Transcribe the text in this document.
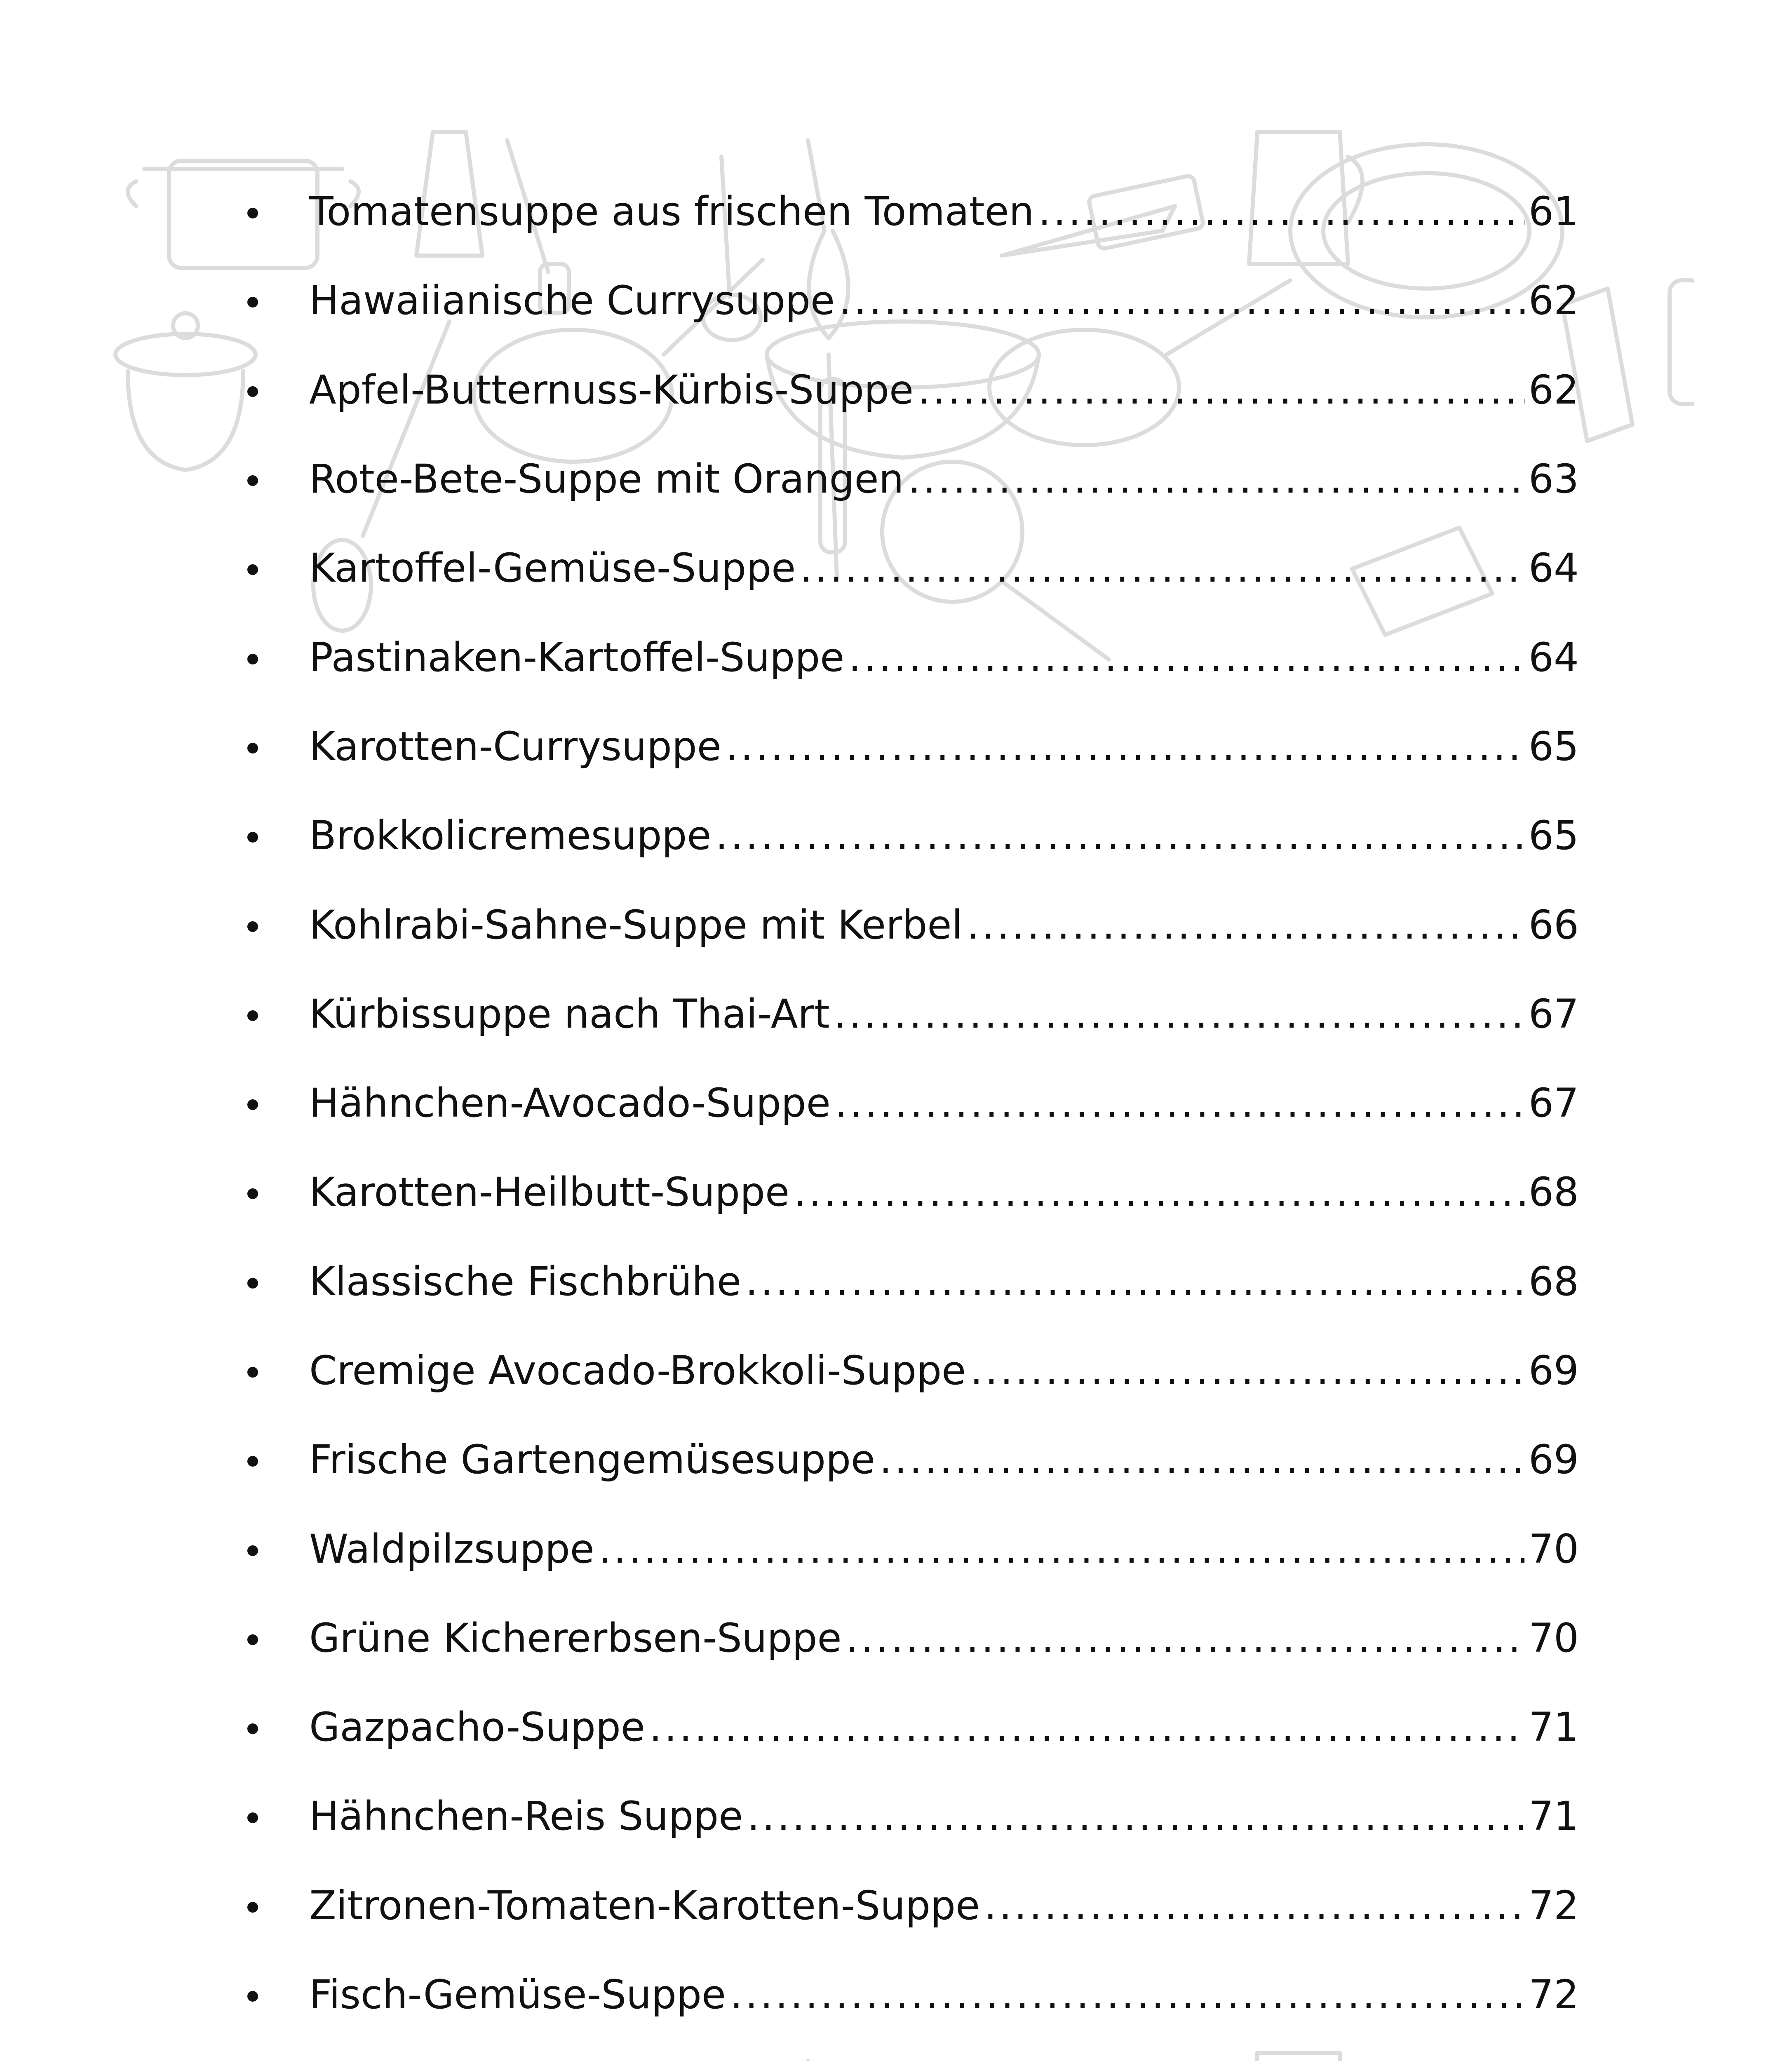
Tomatensuppe aus frischen Tomaten .....	61
Hawaiianische Currysuppe .....	62
Apfel-Butternuss-Kürbis-Suppe .....	62
Rote-Bete-Suppe mit Orangen .....	63
Kartoffel-Gemüse-Suppe .....	64
Pastinaken-Kartoffel-Suppe .....	64
Karotten-Currysuppe .....	65
Brokkolicremesuppe .....	65
Kohlrabi-Sahne-Suppe mit Kerbel .....	66
Kürbissuppe nach Thai-Art .....	67
Hähnchen-Avocado-Suppe .....	67
Karotten-Heilbutt-Suppe .....	68
Klassische Fischbrühe .....	68
Cremige Avocado-Brokkoli-Suppe .....	69
Frische Gartengemüsesuppe .....	69
Waldpilzsuppe .....	70
Grüne Kichererbsen-Suppe .....	70
Gazpacho-Suppe .....	71
Hähnchen-Reis Suppe .....	71
Zitronen-Tomaten-Karotten-Suppe .....	72
Fisch-Gemüse-Suppe .....	72
